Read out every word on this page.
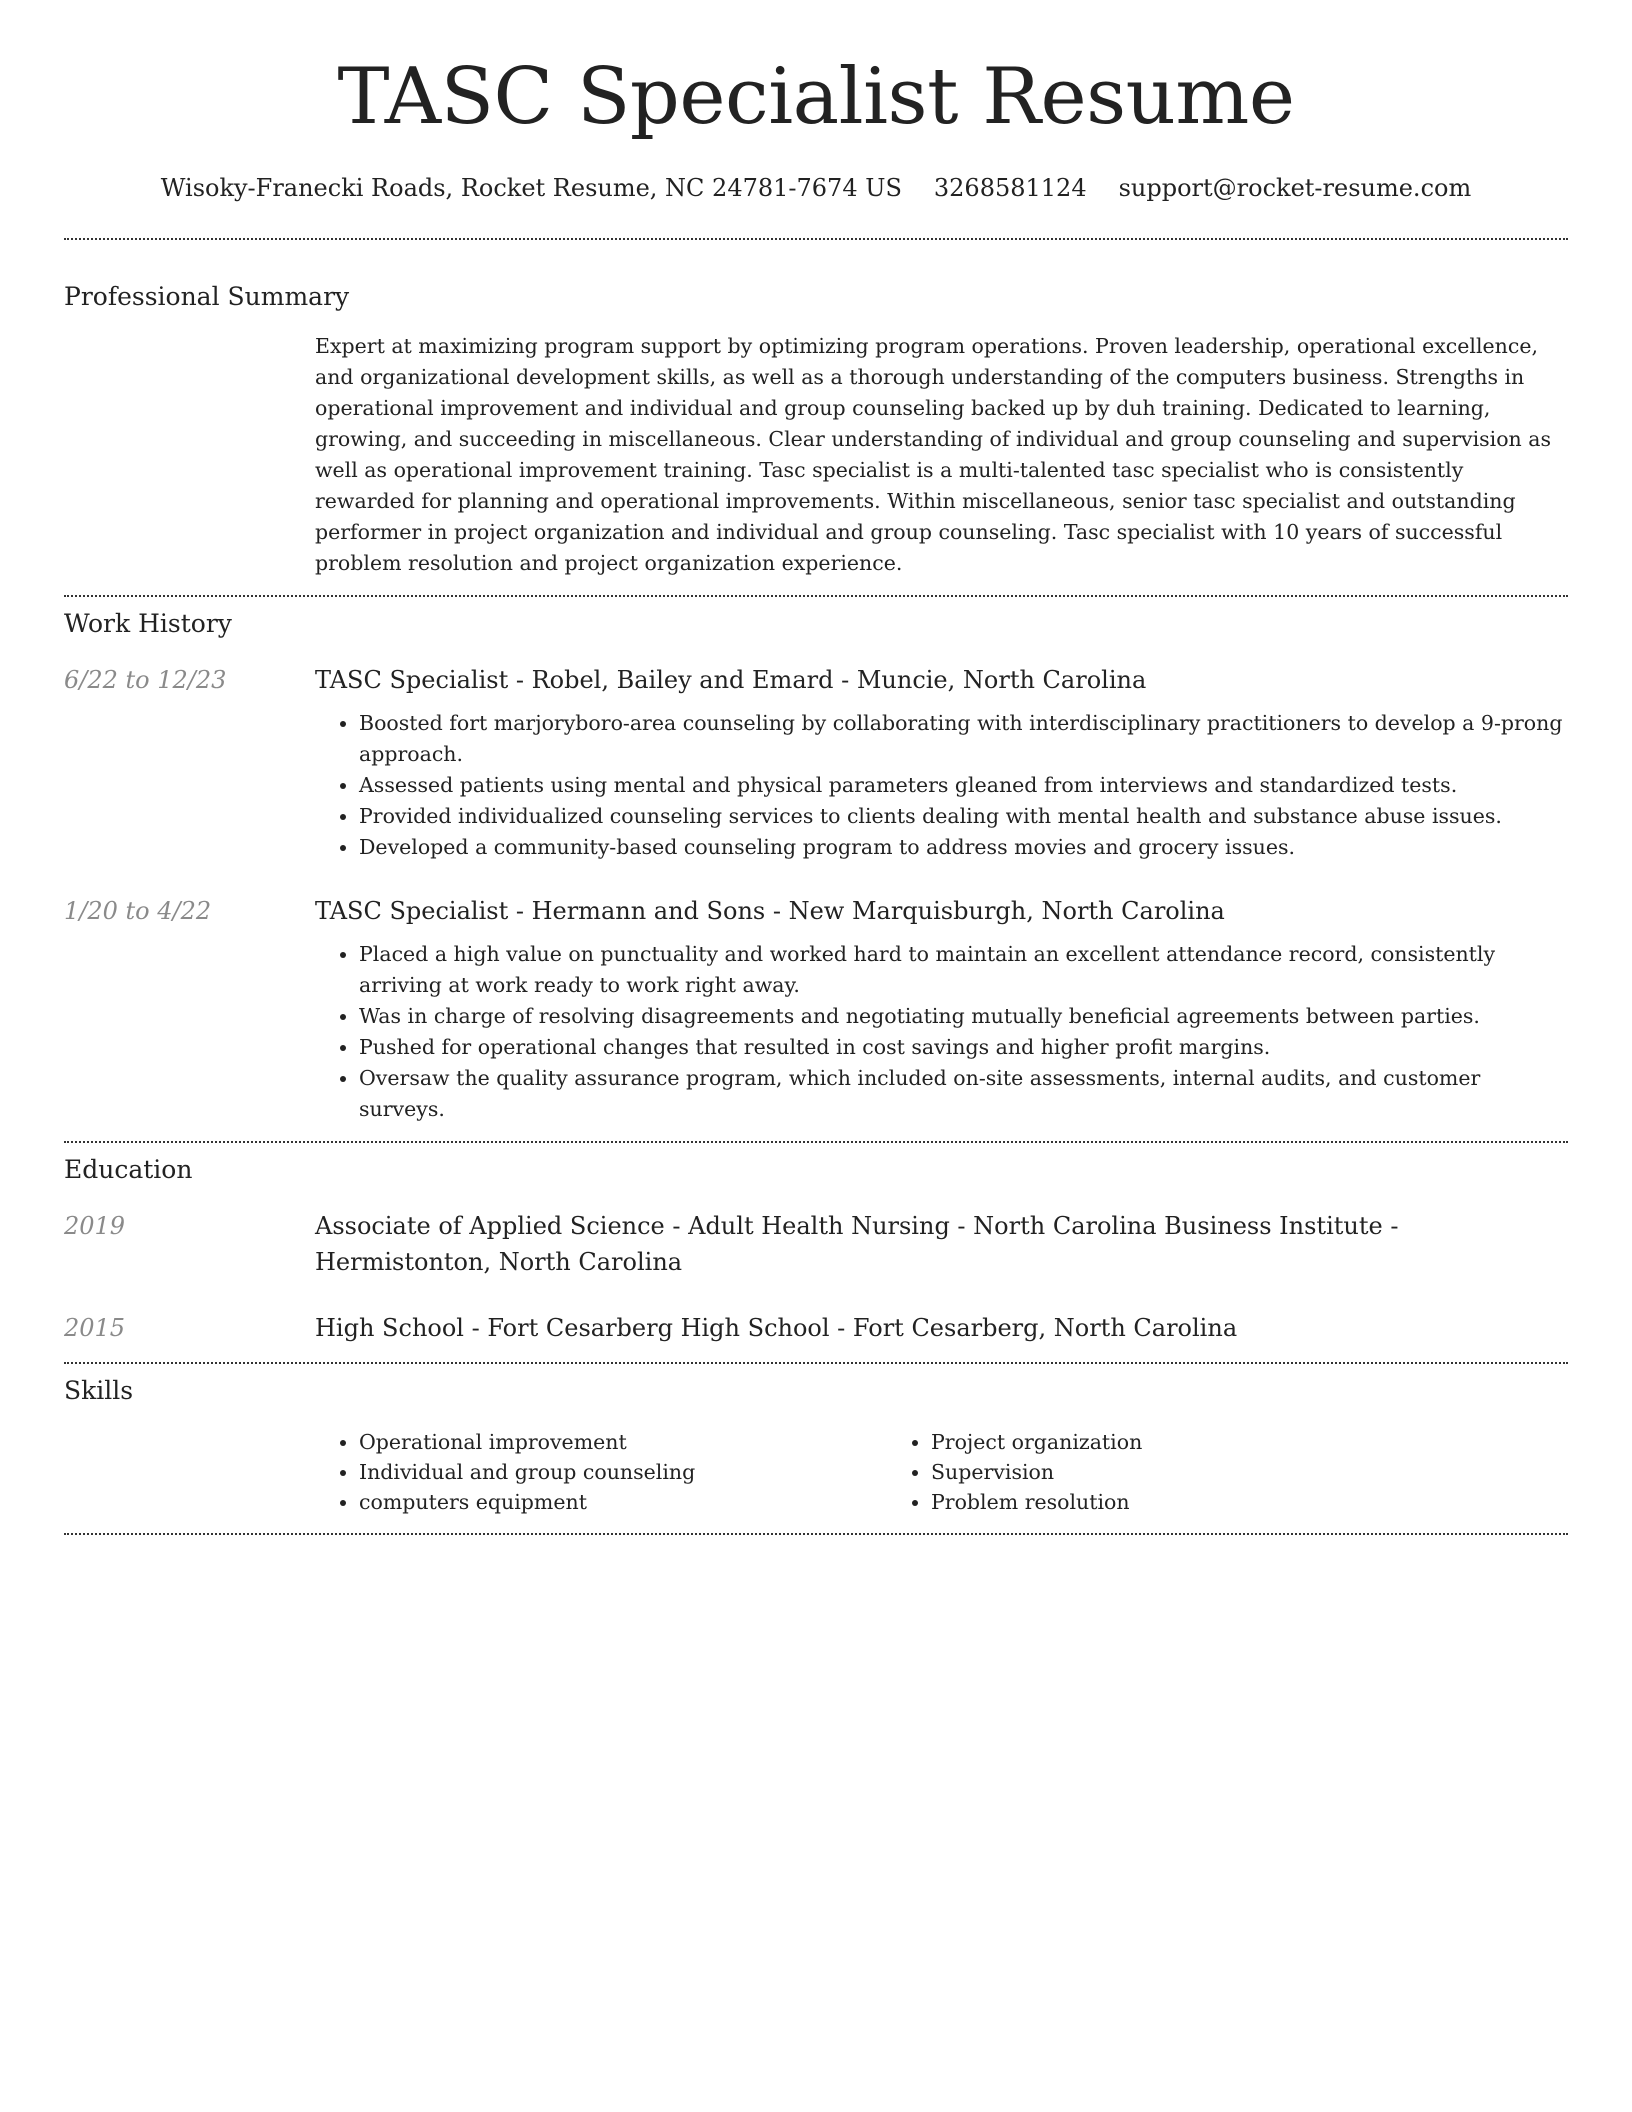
TASC Specialist Resume
Wisoky-Franecki Roads, Rocket Resume, NC 24781-7674 US 3268581124 support@rocket-resume.com
Professional Summary
Expert at maximizing program support by optimizing program operations. Proven leadership, operational excellence, and organizational development skills, as well as a thorough understanding of the computers business. Strengths in operational improvement and individual and group counseling backed up by duh training. Dedicated to learning, growing, and succeeding in miscellaneous. Clear understanding of individual and group counseling and supervision as well as operational improvement training. Tasc specialist is a multi-talented tasc specialist who is consistently rewarded for planning and operational improvements. Within miscellaneous, senior tasc specialist and outstanding performer in project organization and individual and group counseling. Tasc specialist with 10 years of successful problem resolution and project organization experience.
Work History
6/22 to 12/23	TASC Specialist - Robel, Bailey and Emard - Muncie, North Carolina
• Boosted fort marjoryboro-area counseling by collaborating with interdisciplinary practitioners to develop a 9-prong approach.
• Assessed patients using mental and physical parameters gleaned from interviews and standardized tests.
• Provided individualized counseling services to clients dealing with mental health and substance abuse issues.
• Developed a community-based counseling program to address movies and grocery issues.
1/20 to 4/22	TASC Specialist - Hermann and Sons - New Marquisburgh, North Carolina
• Placed a high value on punctuality and worked hard to maintain an excellent attendance record, consistently arriving at work ready to work right away.
• Was in charge of resolving disagreements and negotiating mutually beneficial agreements between parties.
• Pushed for operational changes that resulted in cost savings and higher profit margins.
• Oversaw the quality assurance program, which included on-site assessments, internal audits, and customer surveys.
Education
2019	Associate of Applied Science - Adult Health Nursing - North Carolina Business Institute - Hermistonton, North Carolina
2015	High School - Fort Cesarberg High School - Fort Cesarberg, North Carolina
Skills
• Operational improvement
• Individual and group counseling
• computers equipment
• Project organization
• Supervision
• Problem resolution
